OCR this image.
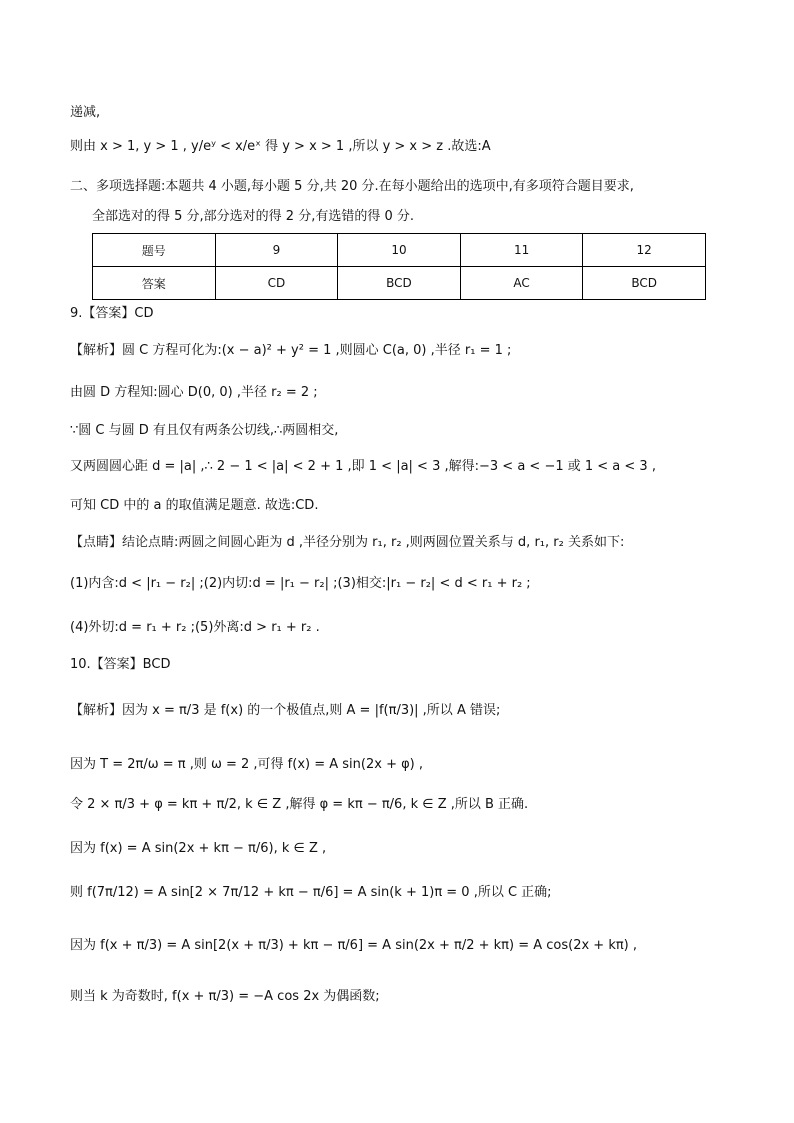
递减,
则由 x > 1, y > 1 , y/eʸ < x/eˣ 得 y > x > 1 ,所以 y > x > z .故选:A
二、多项选择题:本题共 4 小题,每小题 5 分,共 20 分.在每小题给出的选项中,有多项符合题目要求,
全部选对的得 5 分,部分选对的得 2 分,有选错的得 0 分.
题号	9	10	11	12
答案	CD	BCD	AC	BCD
9.【答案】CD
【解析】圆 C 方程可化为:(x − a)² + y² = 1 ,则圆心 C(a, 0) ,半径 r₁ = 1 ;
由圆 D 方程知:圆心 D(0, 0) ,半径 r₂ = 2 ;
∵圆 C 与圆 D 有且仅有两条公切线,∴两圆相交,
又两圆圆心距 d = |a| ,∴ 2 − 1 < |a| < 2 + 1 ,即 1 < |a| < 3 ,解得:−3 < a < −1 或 1 < a < 3 ,
可知 CD 中的 a 的取值满足题意. 故选:CD.
【点睛】结论点睛:两圆之间圆心距为 d ,半径分别为 r₁, r₂ ,则两圆位置关系与 d, r₁, r₂ 关系如下:
(1)内含:d < |r₁ − r₂| ;(2)内切:d = |r₁ − r₂| ;(3)相交:|r₁ − r₂| < d < r₁ + r₂ ;
(4)外切:d = r₁ + r₂ ;(5)外离:d > r₁ + r₂ .
10.【答案】BCD
【解析】因为 x = π/3 是 f(x) 的一个极值点,则 A = |f(π/3)| ,所以 A 错误;
因为 T = 2π/ω = π ,则 ω = 2 ,可得 f(x) = A sin(2x + φ) ,
令 2 × π/3 + φ = kπ + π/2, k ∈ Z ,解得 φ = kπ − π/6, k ∈ Z ,所以 B 正确.
因为 f(x) = A sin(2x + kπ − π/6), k ∈ Z ,
则 f(7π/12) = A sin[2 × 7π/12 + kπ − π/6] = A sin(k + 1)π = 0 ,所以 C 正确;
因为 f(x + π/3) = A sin[2(x + π/3) + kπ − π/6] = A sin(2x + π/2 + kπ) = A cos(2x + kπ) ,
则当 k 为奇数时, f(x + π/3) = −A cos 2x 为偶函数;
